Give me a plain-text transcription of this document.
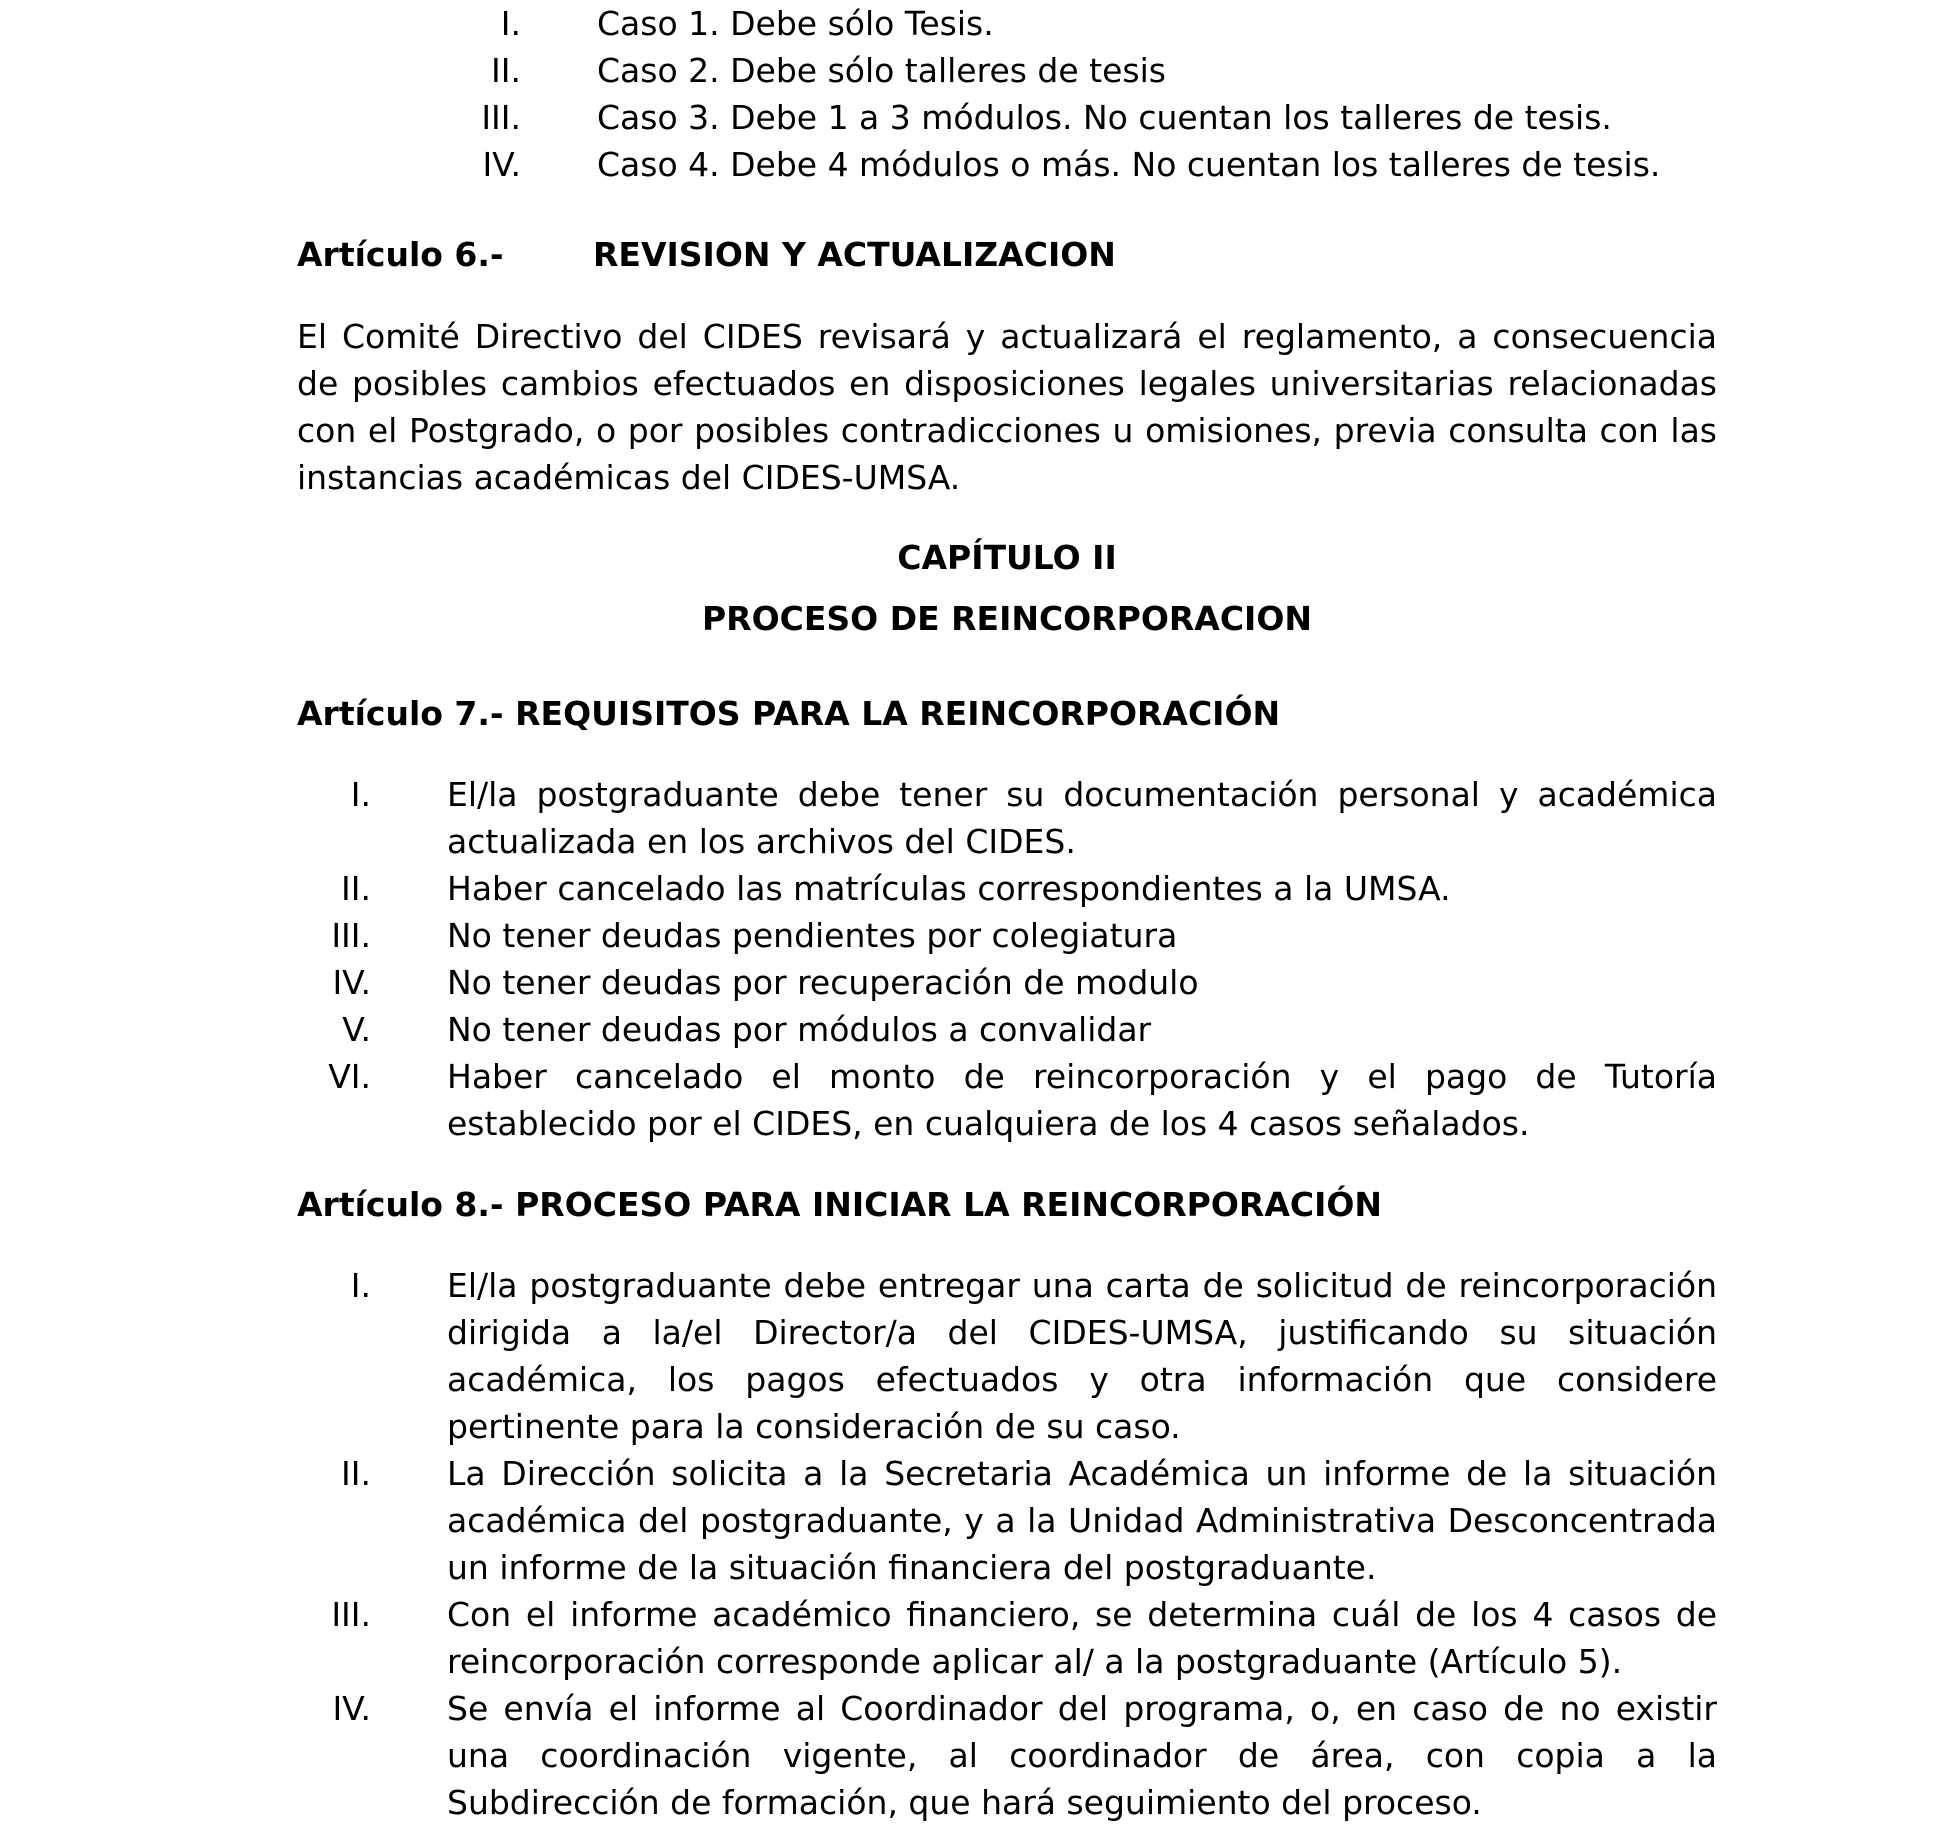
I. Caso 1. Debe sólo Tesis.
II. Caso 2. Debe sólo talleres de tesis
III. Caso 3. Debe 1 a 3 módulos. No cuentan los talleres de tesis.
IV. Caso 4. Debe 4 módulos o más. No cuentan los talleres de tesis.

Artículo 6.-	REVISION Y ACTUALIZACION

El Comité Directivo del CIDES revisará y actualizará el reglamento, a consecuencia de posibles cambios efectuados en disposiciones legales universitarias relacionadas con el Postgrado, o por posibles contradicciones u omisiones, previa consulta con las instancias académicas del CIDES-UMSA.

CAPÍTULO II

PROCESO DE REINCORPORACION

Artículo 7.- REQUISITOS PARA LA REINCORPORACIÓN

I. El/la postgraduante debe tener su documentación personal y académica actualizada en los archivos del CIDES.
II. Haber cancelado las matrículas correspondientes a la UMSA.
III. No tener deudas pendientes por colegiatura
IV. No tener deudas por recuperación de modulo
V. No tener deudas por módulos a convalidar
VI. Haber cancelado el monto de reincorporación y el pago de Tutoría establecido por el CIDES, en cualquiera de los 4 casos señalados.

Artículo 8.- PROCESO PARA INICIAR LA REINCORPORACIÓN

I. El/la postgraduante debe entregar una carta de solicitud de reincorporación dirigida a la/el Director/a del CIDES-UMSA, justificando su situación académica, los pagos efectuados y otra información que considere pertinente para la consideración de su caso.
II. La Dirección solicita a la Secretaria Académica un informe de la situación académica del postgraduante, y a la Unidad Administrativa Desconcentrada un informe de la situación financiera del postgraduante.
III. Con el informe académico financiero, se determina cuál de los 4 casos de reincorporación corresponde aplicar al/ a la postgraduante (Artículo 5).
IV. Se envía el informe al Coordinador del programa, o, en caso de no existir una coordinación vigente, al coordinador de área, con copia a la Subdirección de formación, que hará seguimiento del proceso.
